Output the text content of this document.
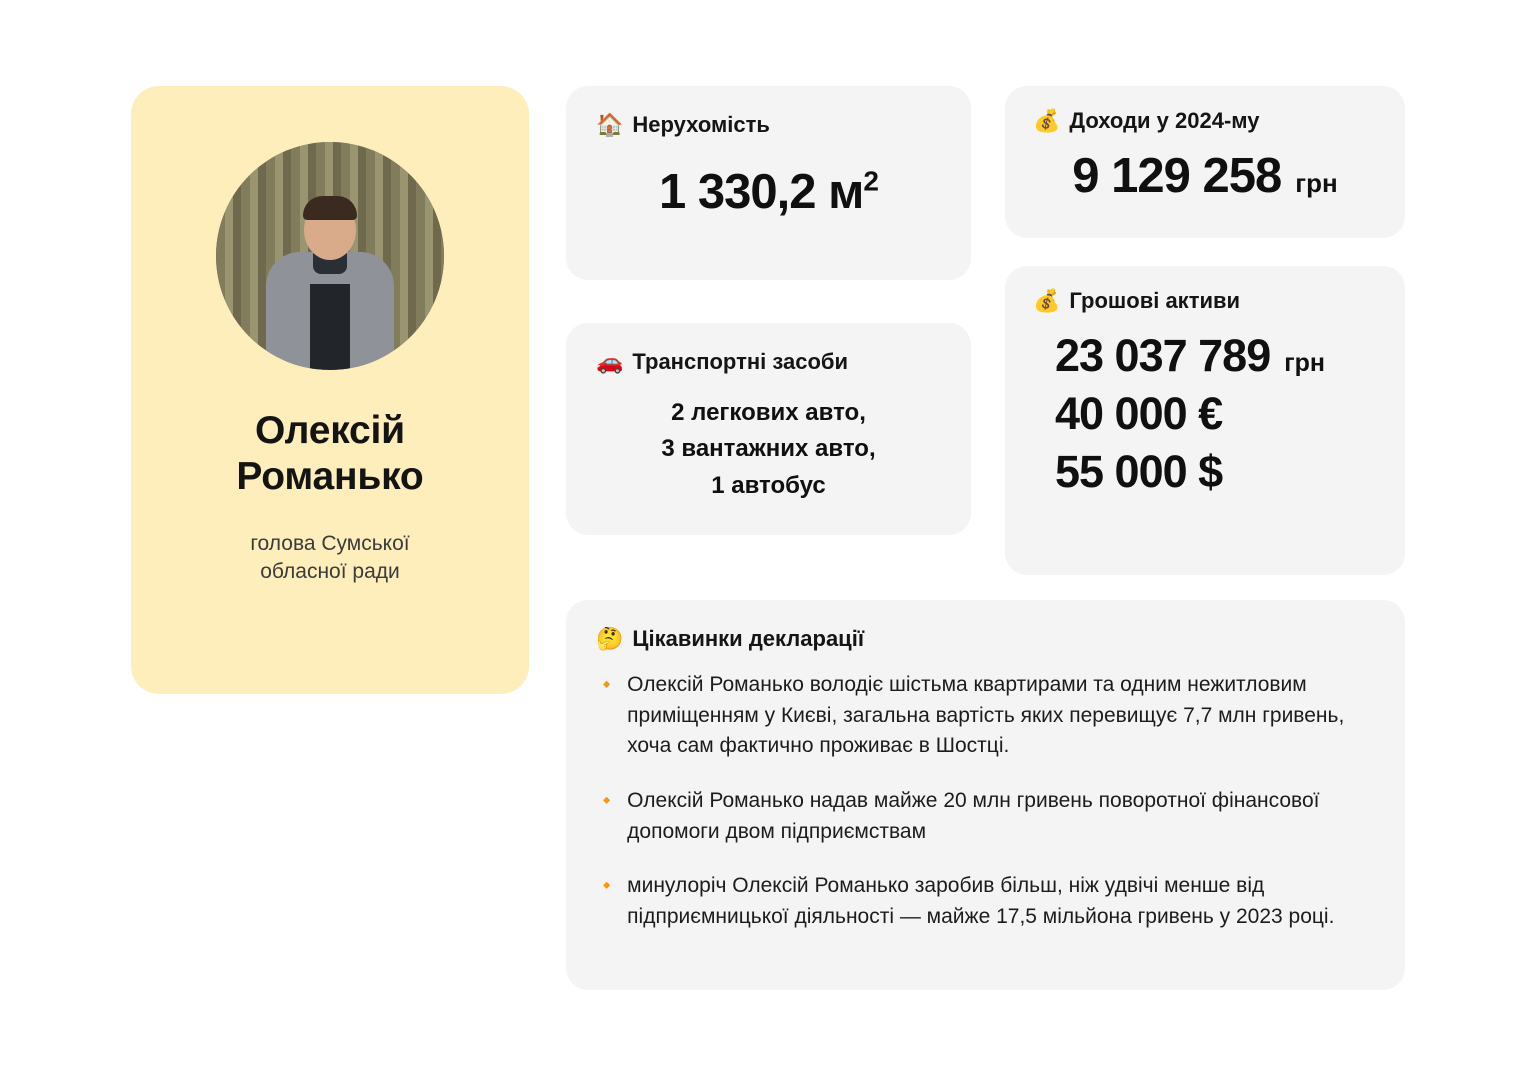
Олексій
Романько
голова Сумської
обласної ради
🏠 Нерухомість
1 330,2 $м^2$
🚗 Транспортні засоби
2 легкових авто,
3 вантажних авто,
1 автобус
💰 Доходи у 2024-му
9 129 258 грн
💰 Грошові активи
23 037 789 грн
40 000 €
55 000 $
🤔 Цікавинки декларації
🔸 Олексій Романько володіє шістьма квартирами та одним нежитловим приміщенням у Києві, загальна вартість яких перевищує 7,7 млн гривень, хоча сам фактично проживає в Шостці.
🔸 Олексій Романько надав майже 20 млн гривень поворотної фінансової допомоги двом підприємствам
🔸 минулоріч Олексій Романько заробив більш, ніж удвічі менше від підприємницької діяльності — майже 17,5 мільйона гривень у 2023 році.
